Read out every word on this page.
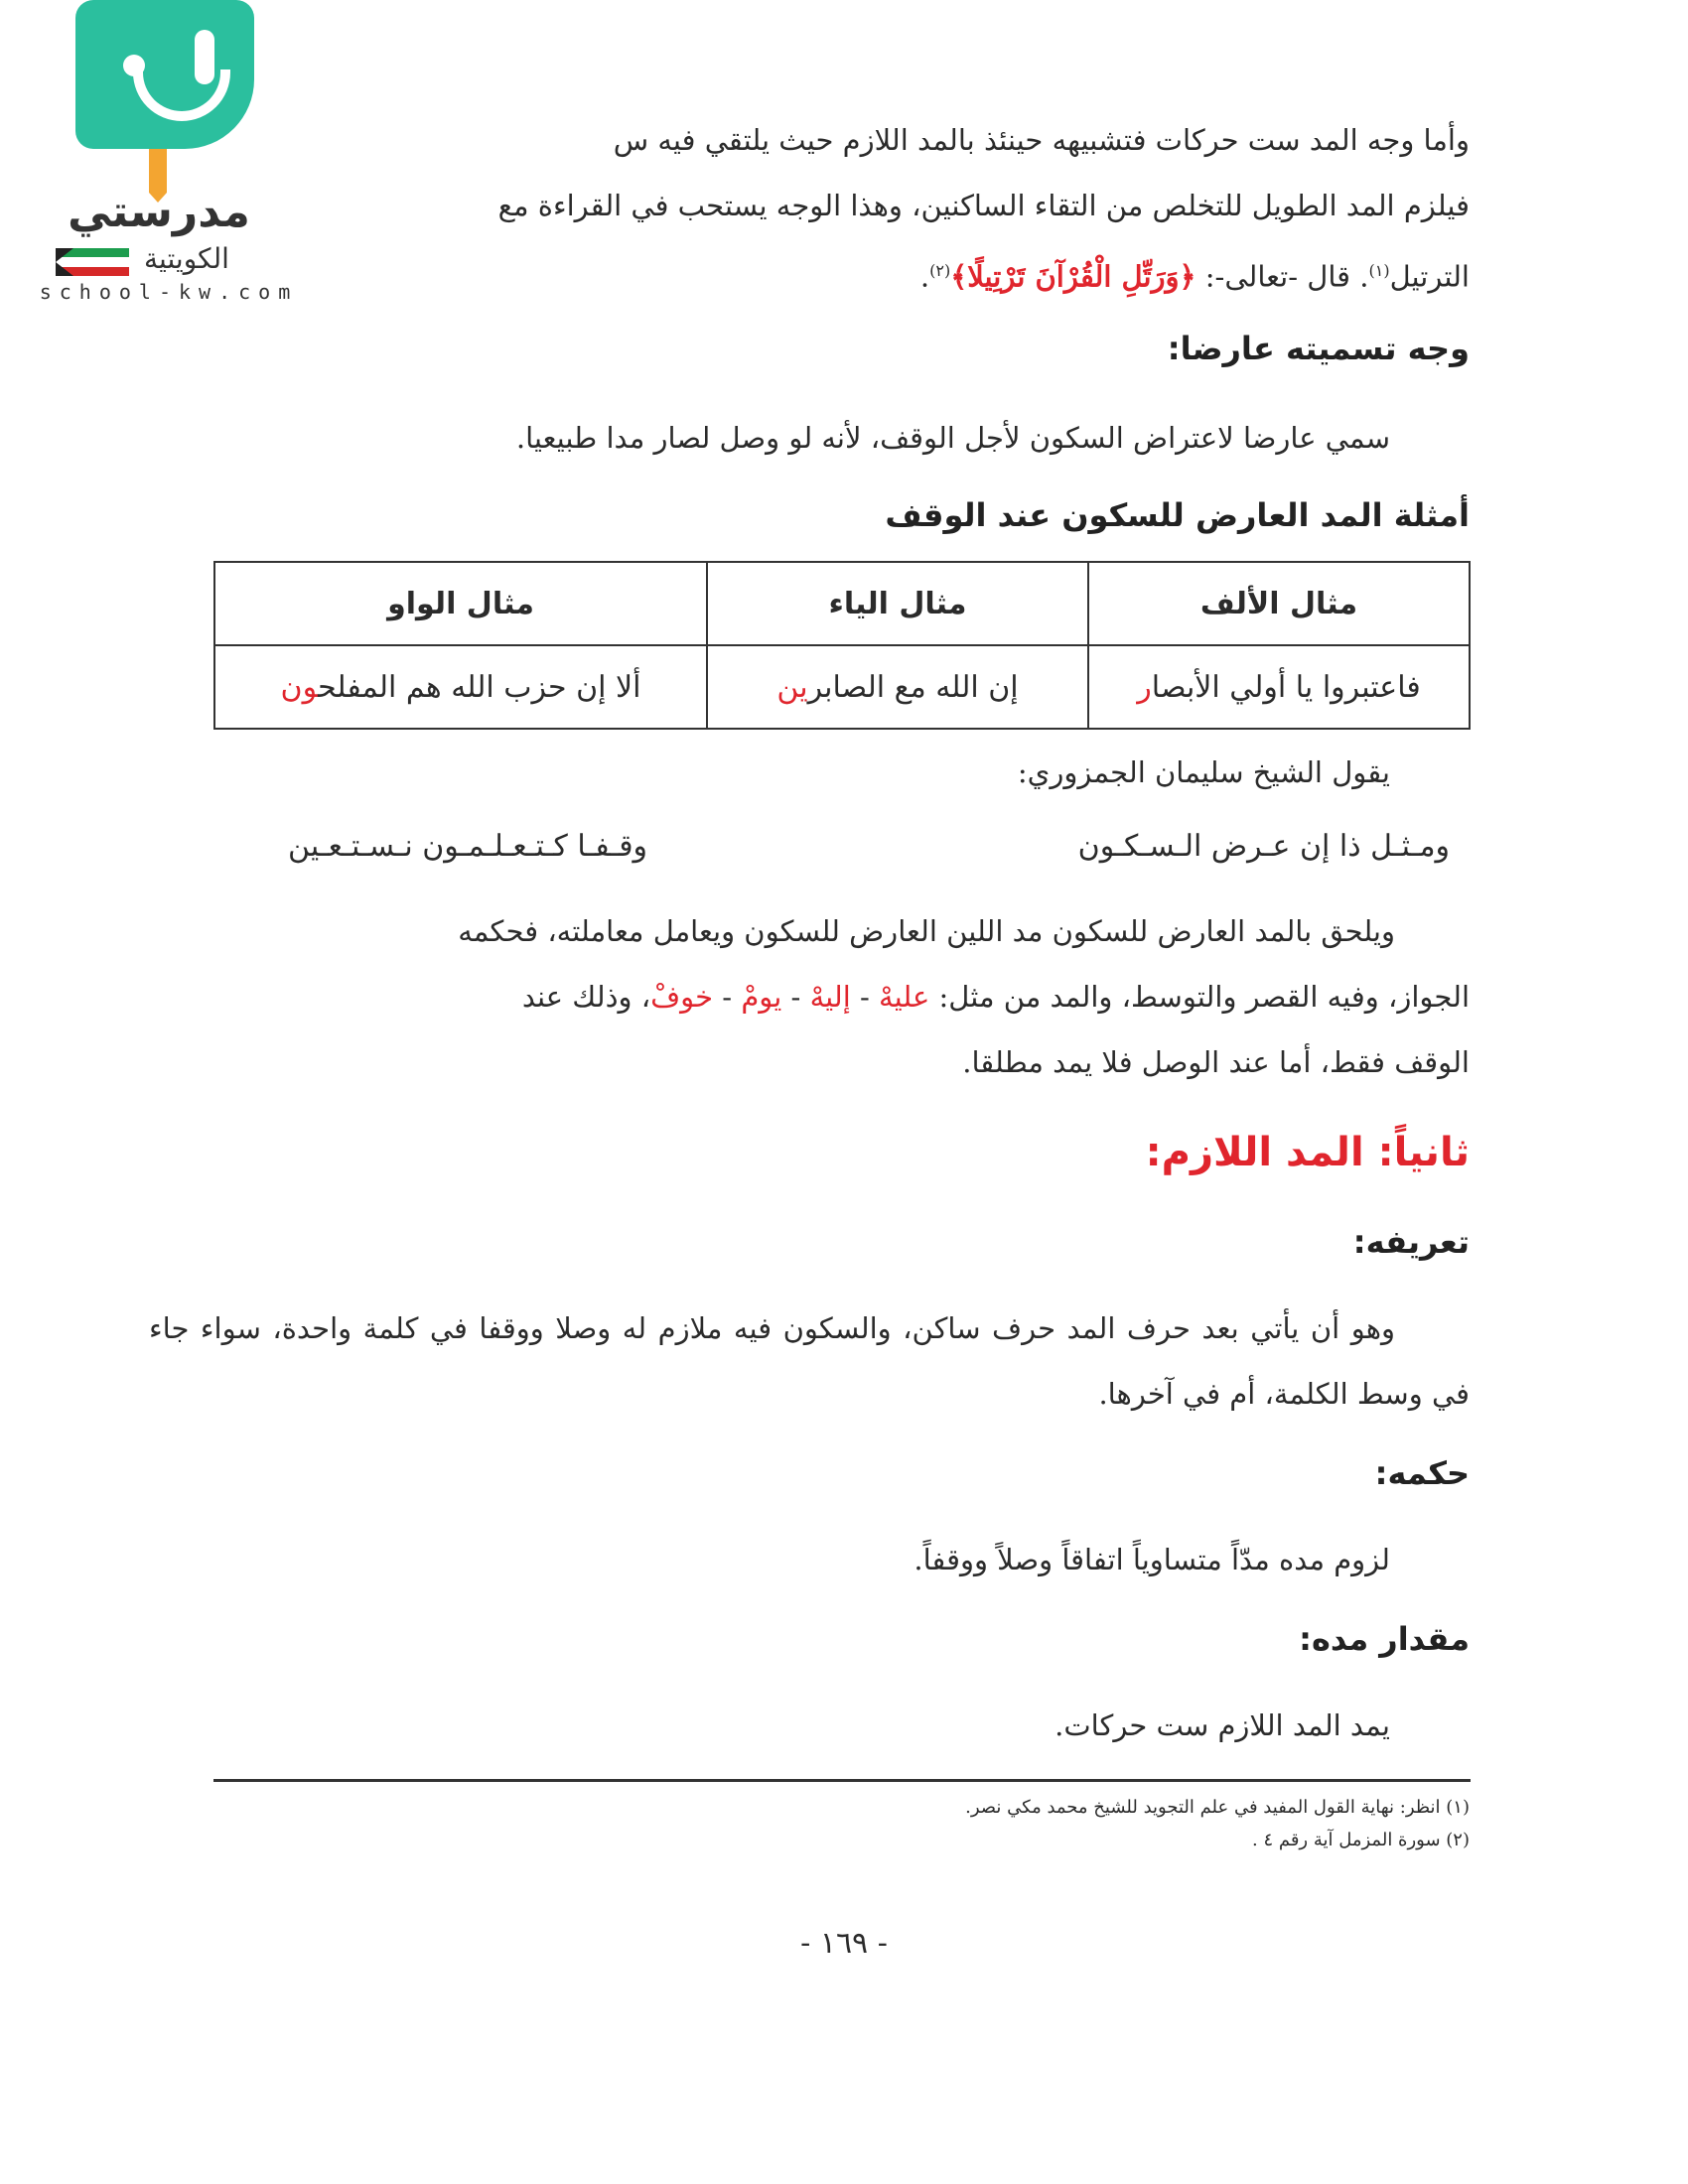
مدرستي
الكويتية
school-kw.com
وأما وجه المد ست حركات فتشبيهه حينئذ بالمد اللازم حيث يلتقي فيه س
فيلزم المد الطويل للتخلص من التقاء الساكنين، وهذا الوجه يستحب في القراءة مع
الترتيل$^{(١)}$. قال -تعالى-: ﴿وَرَتِّلِ الْقُرْآنَ تَرْتِيلًا﴾$^{(٢)}$.
وجه تسميته عارضا:
سمي عارضا لاعتراض السكون لأجل الوقف، لأنه لو وصل لصار مدا طبيعيا.
أمثلة المد العارض للسكون عند الوقف
مثال الألف	مثال الياء	مثال الواو
فاعتبروا يا أولي الأبصار	إن الله مع الصابرين	ألا إن حزب الله هم المفلحون
يقول الشيخ سليمان الجمزوري:
ومـثـل ذا إن عـرض الـسـكـون
وقـفـا كـتـعـلـمـون نـسـتـعـين
ويلحق بالمد العارض للسكون مد اللين العارض للسكون ويعامل معاملته، فحكمه
الجواز، وفيه القصر والتوسط، والمد من مثل: عليهْ - إليهْ - يومْ - خوفْ، وذلك عند
الوقف فقط، أما عند الوصل فلا يمد مطلقا.
ثانياً: المد اللازم:
تعريفه:
وهو أن يأتي بعد حرف المد حرف ساكن، والسكون فيه ملازم له وصلا ووقفا في كلمة واحدة، سواء جاء في وسط الكلمة، أم في آخرها.
حكمه:
لزوم مده مدّاً متساوياً اتفاقاً وصلاً ووقفاً.
مقدار مده:
يمد المد اللازم ست حركات.
(١) انظر: نهاية القول المفيد في علم التجويد للشيخ محمد مكي نصر.
(٢) سورة المزمل آية رقم ٤ .
- ١٦٩ -
